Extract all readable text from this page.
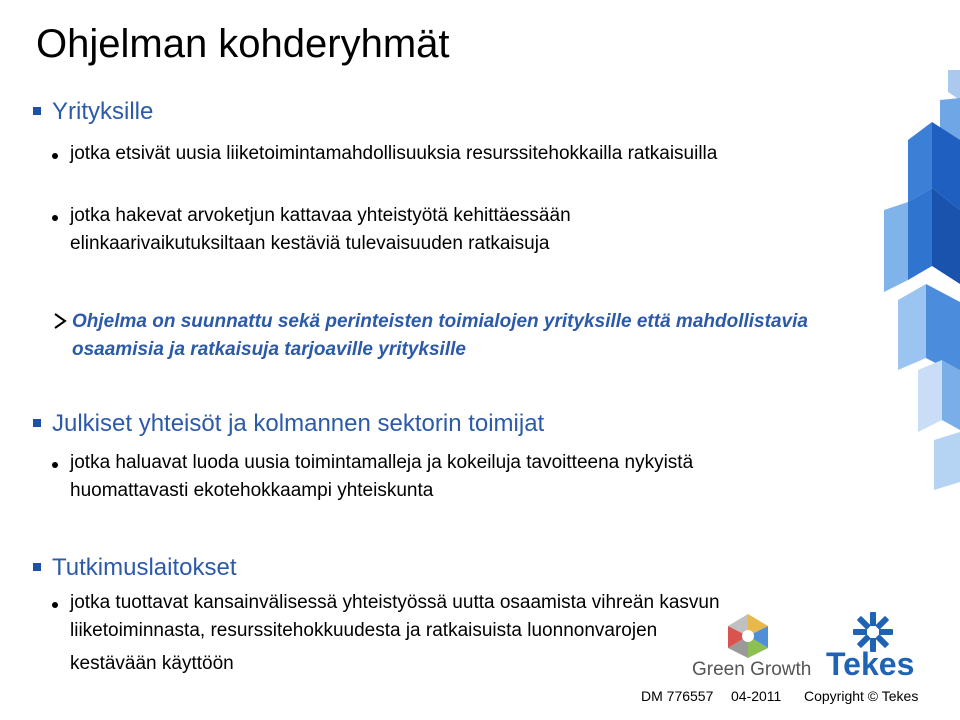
Ohjelman kohderyhmät
Yrityksille
jotka etsivät uusia liiketoimintamahdollisuuksia resurssitehokkailla ratkaisuilla
jotka hakevat arvoketjun kattavaa yhteistyötä kehittäessään elinkaarivaikutuksiltaan kestäviä tulevaisuuden ratkaisuja
Ohjelma on suunnattu sekä perinteisten toimialojen yrityksille että mahdollistavia osaamisia ja ratkaisuja tarjoaville yrityksille
Julkiset yhteisöt ja kolmannen sektorin toimijat
jotka haluavat luoda uusia toimintamalleja ja kokeiluja tavoitteena nykyistä huomattavasti ekotehokkaampi yhteiskunta
Tutkimuslaitokset
jotka tuottavat kansainvälisessä yhteistyössä uutta osaamista vihreän kasvun liiketoiminnasta, resurssitehokkuudesta ja ratkaisuista luonnonvarojen
kestävään käyttöön	Green Growth Tekes
DM 776557 04-2011 Copyright © Tekes
